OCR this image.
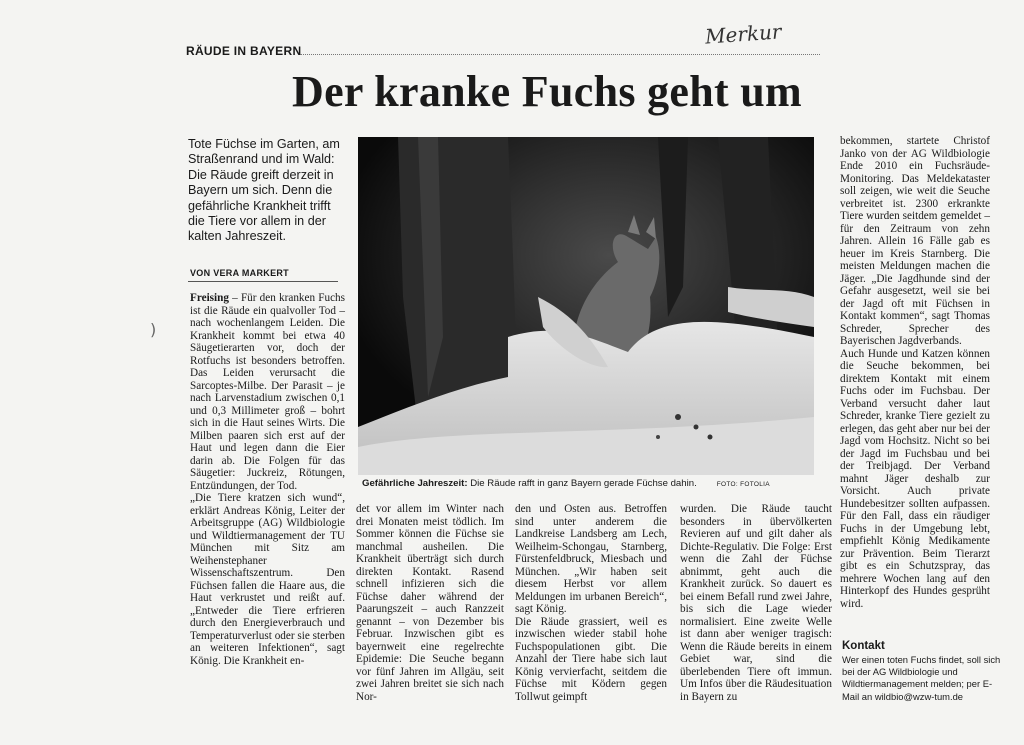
Merkur
RÄUDE IN BAYERN
Der kranke Fuchs geht um
Tote Füchse im Garten, am Straßenrand und im Wald: Die Räude greift derzeit in Bayern um sich. Denn die gefährliche Krankheit trifft die Tiere vor allem in der kalten Jahreszeit.
VON VERA MARKERT
)
Freising – Für den kranken Fuchs ist die Räude ein qualvoller Tod – nach wochenlangem Leiden. Die Krankheit kommt bei etwa 40 Säugetierarten vor, doch der Rotfuchs ist besonders betroffen. Das Leiden verursacht die Sarcoptes-Milbe. Der Parasit – je nach Larvenstadium zwischen 0,1 und 0,3 Millimeter groß – bohrt sich in die Haut seines Wirts. Die Milben paaren sich erst auf der Haut und legen dann die Eier darin ab. Die Folgen für das Säugetier: Juckreiz, Rötungen, Entzündungen, der Tod.
„Die Tiere kratzen sich wund“, erklärt Andreas König, Leiter der Arbeitsgruppe (AG) Wildbiologie und Wildtiermanagement der TU München mit Sitz am Weihenstephaner Wissenschaftszentrum. Den Füchsen fallen die Haare aus, die Haut verkrustet und reißt auf. „Entweder die Tiere erfrieren durch den Energieverbrauch und Temperaturverlust oder sie sterben an weiteren Infektionen“, sagt König. Die Krankheit en-
Gefährliche Jahreszeit: Die Räude rafft in ganz Bayern gerade Füchse dahin.	FOTO: FOTOLIA
det vor allem im Winter nach drei Monaten meist tödlich. Im Sommer können die Füchse sie manchmal ausheilen. Die Krankheit überträgt sich durch direkten Kontakt. Rasend schnell infizieren sich die Füchse daher während der Paarungszeit – auch Ranzzeit genannt – von Dezember bis Februar. Inzwischen gibt es bayernweit eine regelrechte Epidemie: Die Seuche begann vor fünf Jahren im Allgäu, seit zwei Jahren breitet sie sich nach Nor-
den und Osten aus. Betroffen sind unter anderem die Landkreise Landsberg am Lech, Weilheim-Schongau, Starnberg, Fürstenfeldbruck, Miesbach und München. „Wir haben seit diesem Herbst vor allem Meldungen im urbanen Bereich“, sagt König.
Die Räude grassiert, weil es inzwischen wieder stabil hohe Fuchspopulationen gibt. Die Anzahl der Tiere habe sich laut König vervierfacht, seitdem die Füchse mit Ködern gegen Tollwut geimpft
wurden. Die Räude taucht besonders in übervölkerten Revieren auf und gilt daher als Dichte-Regulativ. Die Folge: Erst wenn die Zahl der Füchse abnimmt, geht auch die Krankheit zurück. So dauert es bei einem Befall rund zwei Jahre, bis sich die Lage wieder normalisiert. Eine zweite Welle ist dann aber weniger tragisch: Wenn die Räude bereits in einem Gebiet war, sind die überlebenden Tiere oft immun. Um Infos über die Räudesituation in Bayern zu
bekommen, startete Christof Janko von der AG Wildbiologie Ende 2010 ein Fuchsräude-Monitoring. Das Meldekataster soll zeigen, wie weit die Seuche verbreitet ist. 2300 erkrankte Tiere wurden seitdem gemeldet – für den Zeitraum von zehn Jahren. Allein 16 Fälle gab es heuer im Kreis Starnberg. Die meisten Meldungen machen die Jäger. „Die Jagdhunde sind der Gefahr ausgesetzt, weil sie bei der Jagd oft mit Füchsen in Kontakt kommen“, sagt Thomas Schreder, Sprecher des Bayerischen Jagdverbands.
Auch Hunde und Katzen können die Seuche bekommen, bei direktem Kontakt mit einem Fuchs oder im Fuchsbau. Der Verband versucht daher laut Schreder, kranke Tiere gezielt zu erlegen, das geht aber nur bei der Jagd vom Hochsitz. Nicht so bei der Jagd im Fuchsbau und bei der Treibjagd. Der Verband mahnt Jäger deshalb zur Vorsicht. Auch private Hundebesitzer sollten aufpassen. Für den Fall, dass ein räudiger Fuchs in der Umgebung lebt, empfiehlt König Medikamente zur Prävention. Beim Tierarzt gibt es ein Schutzspray, das mehrere Wochen lang auf den Hinterkopf des Hundes gesprüht wird.
Kontakt
Wer einen toten Fuchs findet, soll sich bei der AG Wildbiologie und Wildtiermanagement melden; per E-Mail an wildbio@wzw-tum.de
